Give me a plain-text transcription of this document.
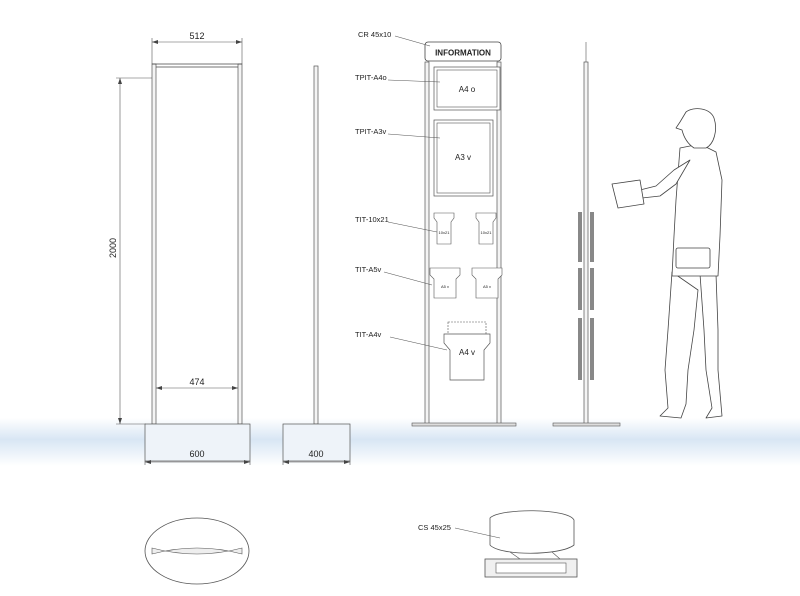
512
2000
474
600	400
INFORMATION
A4 o
A3 v
10x21	10x21
A5 v	A5 v
A4 v
CR 45x10
TPIT-A4o
TPIT-A3v
TIT-10x21
TIT-A5v
TIT-A4v
CS 45x25
